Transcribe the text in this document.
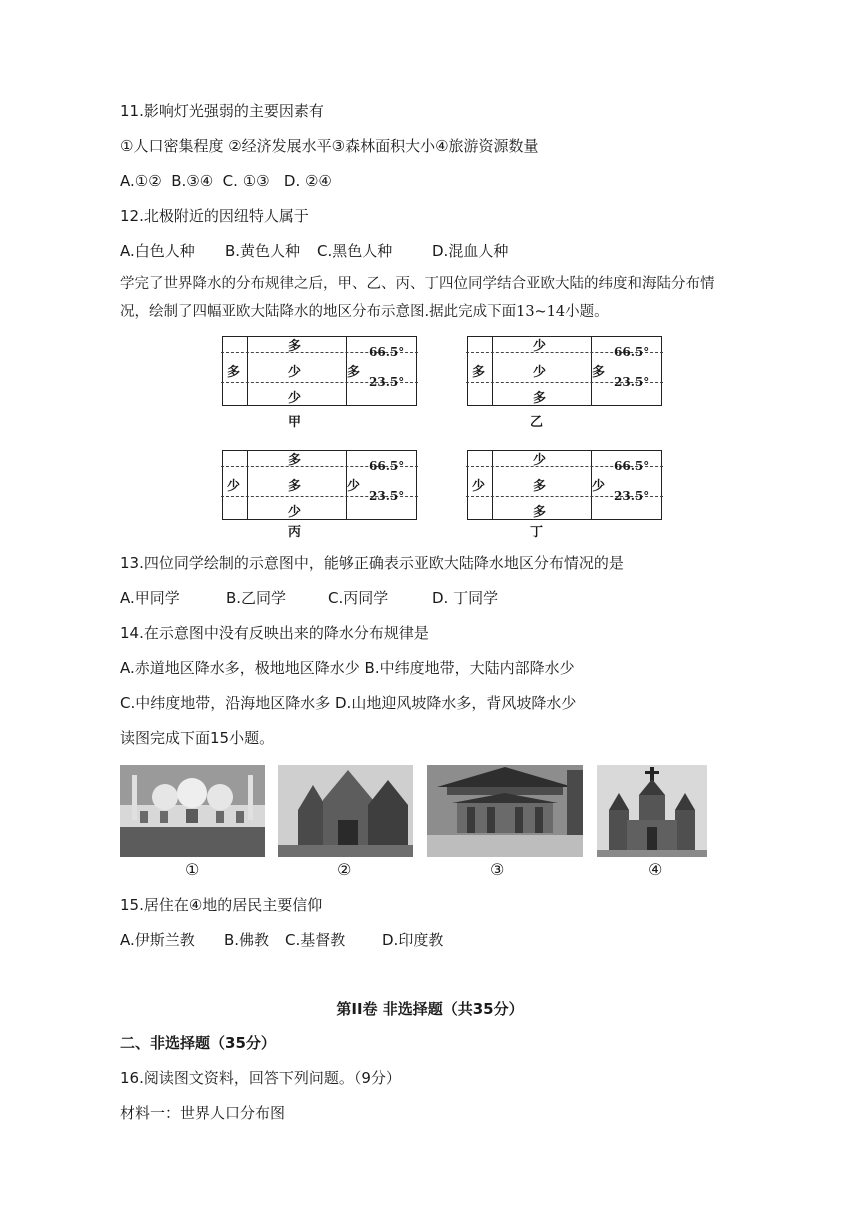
11.影响灯光强弱的主要因素有
①人口密集程度 ②经济发展水平③森林面积大小④旅游资源数量
A.①②  B.③④  C. ①③   D. ②④
12.北极附近的因纽特人属于
A.白色人种 B.黄色人种 C.黑色人种	D.混血人种
学完了世界降水的分布规律之后，甲、乙、丙、丁四位同学结合亚欧大陆的纬度和海陆分布情况，绘制了四幅亚欧大陆降水的地区分布示意图.据此完成下面13~14小题。
多
多
少
少
多
66.5°
23.5°
甲
多
少
少
多
多
66.5°
23.5°
乙
少
多
多
少
少
66.5°
23.5°
丙
少
少
多
多
少
66.5°
23.5°
丁
13.四位同学绘制的示意图中，能够正确表示亚欧大陆降水地区分布情况的是
A.甲同学	B.乙同学	C.丙同学	D. 丁同学
14.在示意图中没有反映出来的降水分布规律是
A.赤道地区降水多，极地地区降水少 B.中纬度地带，大陆内部降水少
C.中纬度地带，沿海地区降水多 D.山地迎风坡降水多，背风坡降水少
读图完成下面15小题。
①	②	③	④
15.居住在④地的居民主要信仰
A.伊斯兰教 B.佛教 C.基督教 D.印度教
第II卷 非选择题（共35分）
二、非选择题（35分）
16.阅读图文资料，回答下列问题。（9分）
材料一：世界人口分布图
